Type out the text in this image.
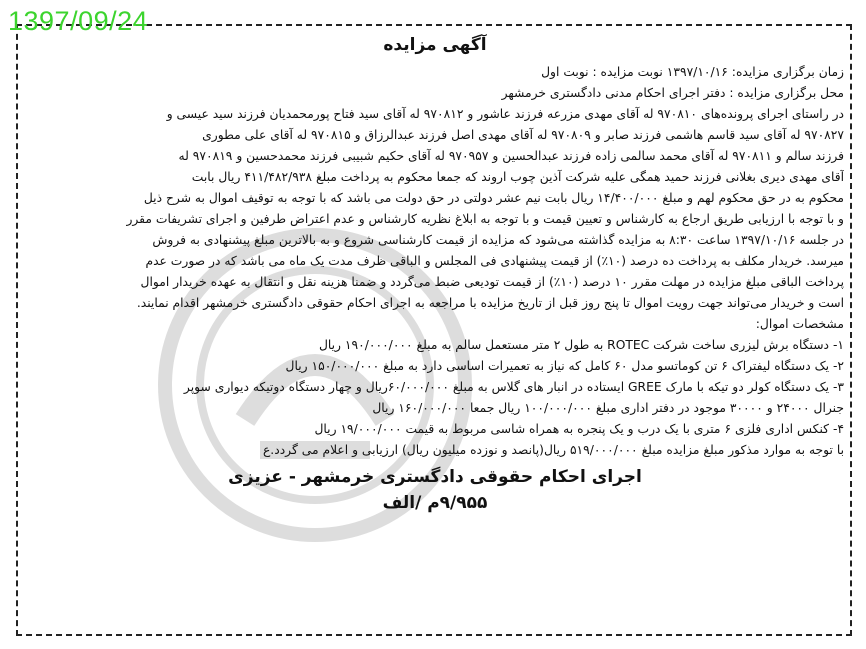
1397/09/24
آگهی مزایده
زمان برگزاری مزایده: ۱۳۹۷/۱۰/۱۶ نوبت مزایده : نوبت اول
محل برگزاری مزایده : دفتر اجرای احکام مدنی دادگستری خرمشهر
در راستای اجرای پرونده‌های ۹۷۰۸۱۰ له آقای مهدی مزرعه فرزند عاشور و ۹۷۰۸۱۲ له آقای سید فتاح پورمحمدیان فرزند سید عیسی و
۹۷۰۸۲۷ له آقای سید قاسم هاشمی فرزند صابر و ۹۷۰۸۰۹ له آقای مهدی اصل فرزند عبدالرزاق و ۹۷۰۸۱۵ له آقای علی مطوری
فرزند سالم و ۹۷۰۸۱۱ له آقای محمد سالمی زاده فرزند عبدالحسین و ۹۷۰۹۵۷ له آقای حکیم شبیبی فرزند محمدحسین و ۹۷۰۸۱۹ له
آقای مهدی دیری بغلانی فرزند حمید همگی علیه شرکت آذین چوب اروند که جمعا محکوم به پرداخت مبلغ ۴۱۱/۴۸۲/۹۳۸ ریال بابت
محکوم به در حق محکوم لهم و مبلغ ۱۴/۴۰۰/۰۰۰ ریال بابت نیم عشر دولتی در حق دولت می باشد که با توجه به توقیف اموال به شرح ذیل
و با توجه با ارزیابی طریق ارجاع به کارشناس و تعیین قیمت و با توجه به ابلاغ نظریه کارشناس و عدم اعتراض طرفین و اجرای تشریفات مقرر
در جلسه ۱۳۹۷/۱۰/۱۶ ساعت ۸:۳۰ به مزایده گذاشته می‌شود که مزایده از قیمت کارشناسی شروع و به بالاترین مبلغ پیشنهادی به فروش
میرسد. خریدار مکلف به پرداخت ده درصد (۱۰٪) از قیمت پیشنهادی فی المجلس و الباقی ظرف مدت یک ماه می باشد که در صورت عدم
پرداخت الباقی مبلغ مزایده در مهلت مقرر ۱۰ درصد (۱۰٪) از قیمت تودیعی ضبط می‌گردد و ضمنا هزینه نقل و انتقال به عهده خریدار اموال
است و خریدار می‌تواند جهت رویت اموال تا پنج روز قبل از تاریخ مزایده با مراجعه به اجرای احکام حقوقی دادگستری خرمشهر اقدام نمایند.
مشخصات اموال:
۱- دستگاه برش لیزری ساخت شرکت ROTEC به طول ۲ متر مستعمل سالم به مبلغ ۱۹۰/۰۰۰/۰۰۰ ریال
۲- یک دستگاه لیفتراک ۶ تن کوماتسو مدل ۶۰ کامل که نیاز به تعمیرات اساسی دارد به مبلغ ۱۵۰/۰۰۰/۰۰۰ ریال
۳- یک دستگاه کولر دو تیکه با مارک GREE ایستاده در انبار های گلاس به مبلغ ۶۰/۰۰۰/۰۰۰ریال و چهار دستگاه دوتیکه دیواری سوپر
جنرال ۲۴۰۰۰ و ۳۰۰۰۰ موجود در دفتر اداری مبلغ ۱۰۰/۰۰۰/۰۰۰ ریال جمعا ۱۶۰/۰۰۰/۰۰۰ ریال
۴- کنکس اداری فلزی ۶ متری با یک درب و یک پنجره به همراه شاسی مربوط به قیمت ۱۹/۰۰۰/۰۰۰ ریال
با توجه به موارد مذکور مبلغ مزایده مبلغ ۵۱۹/۰۰۰/۰۰۰ ریال(پانصد و نوزده میلیون ریال) ارزیابی و اعلام می گردد.ع
اجرای احکام حقوقی دادگستری خرمشهر - عزیزی
۹/۹۵۵م /الف
